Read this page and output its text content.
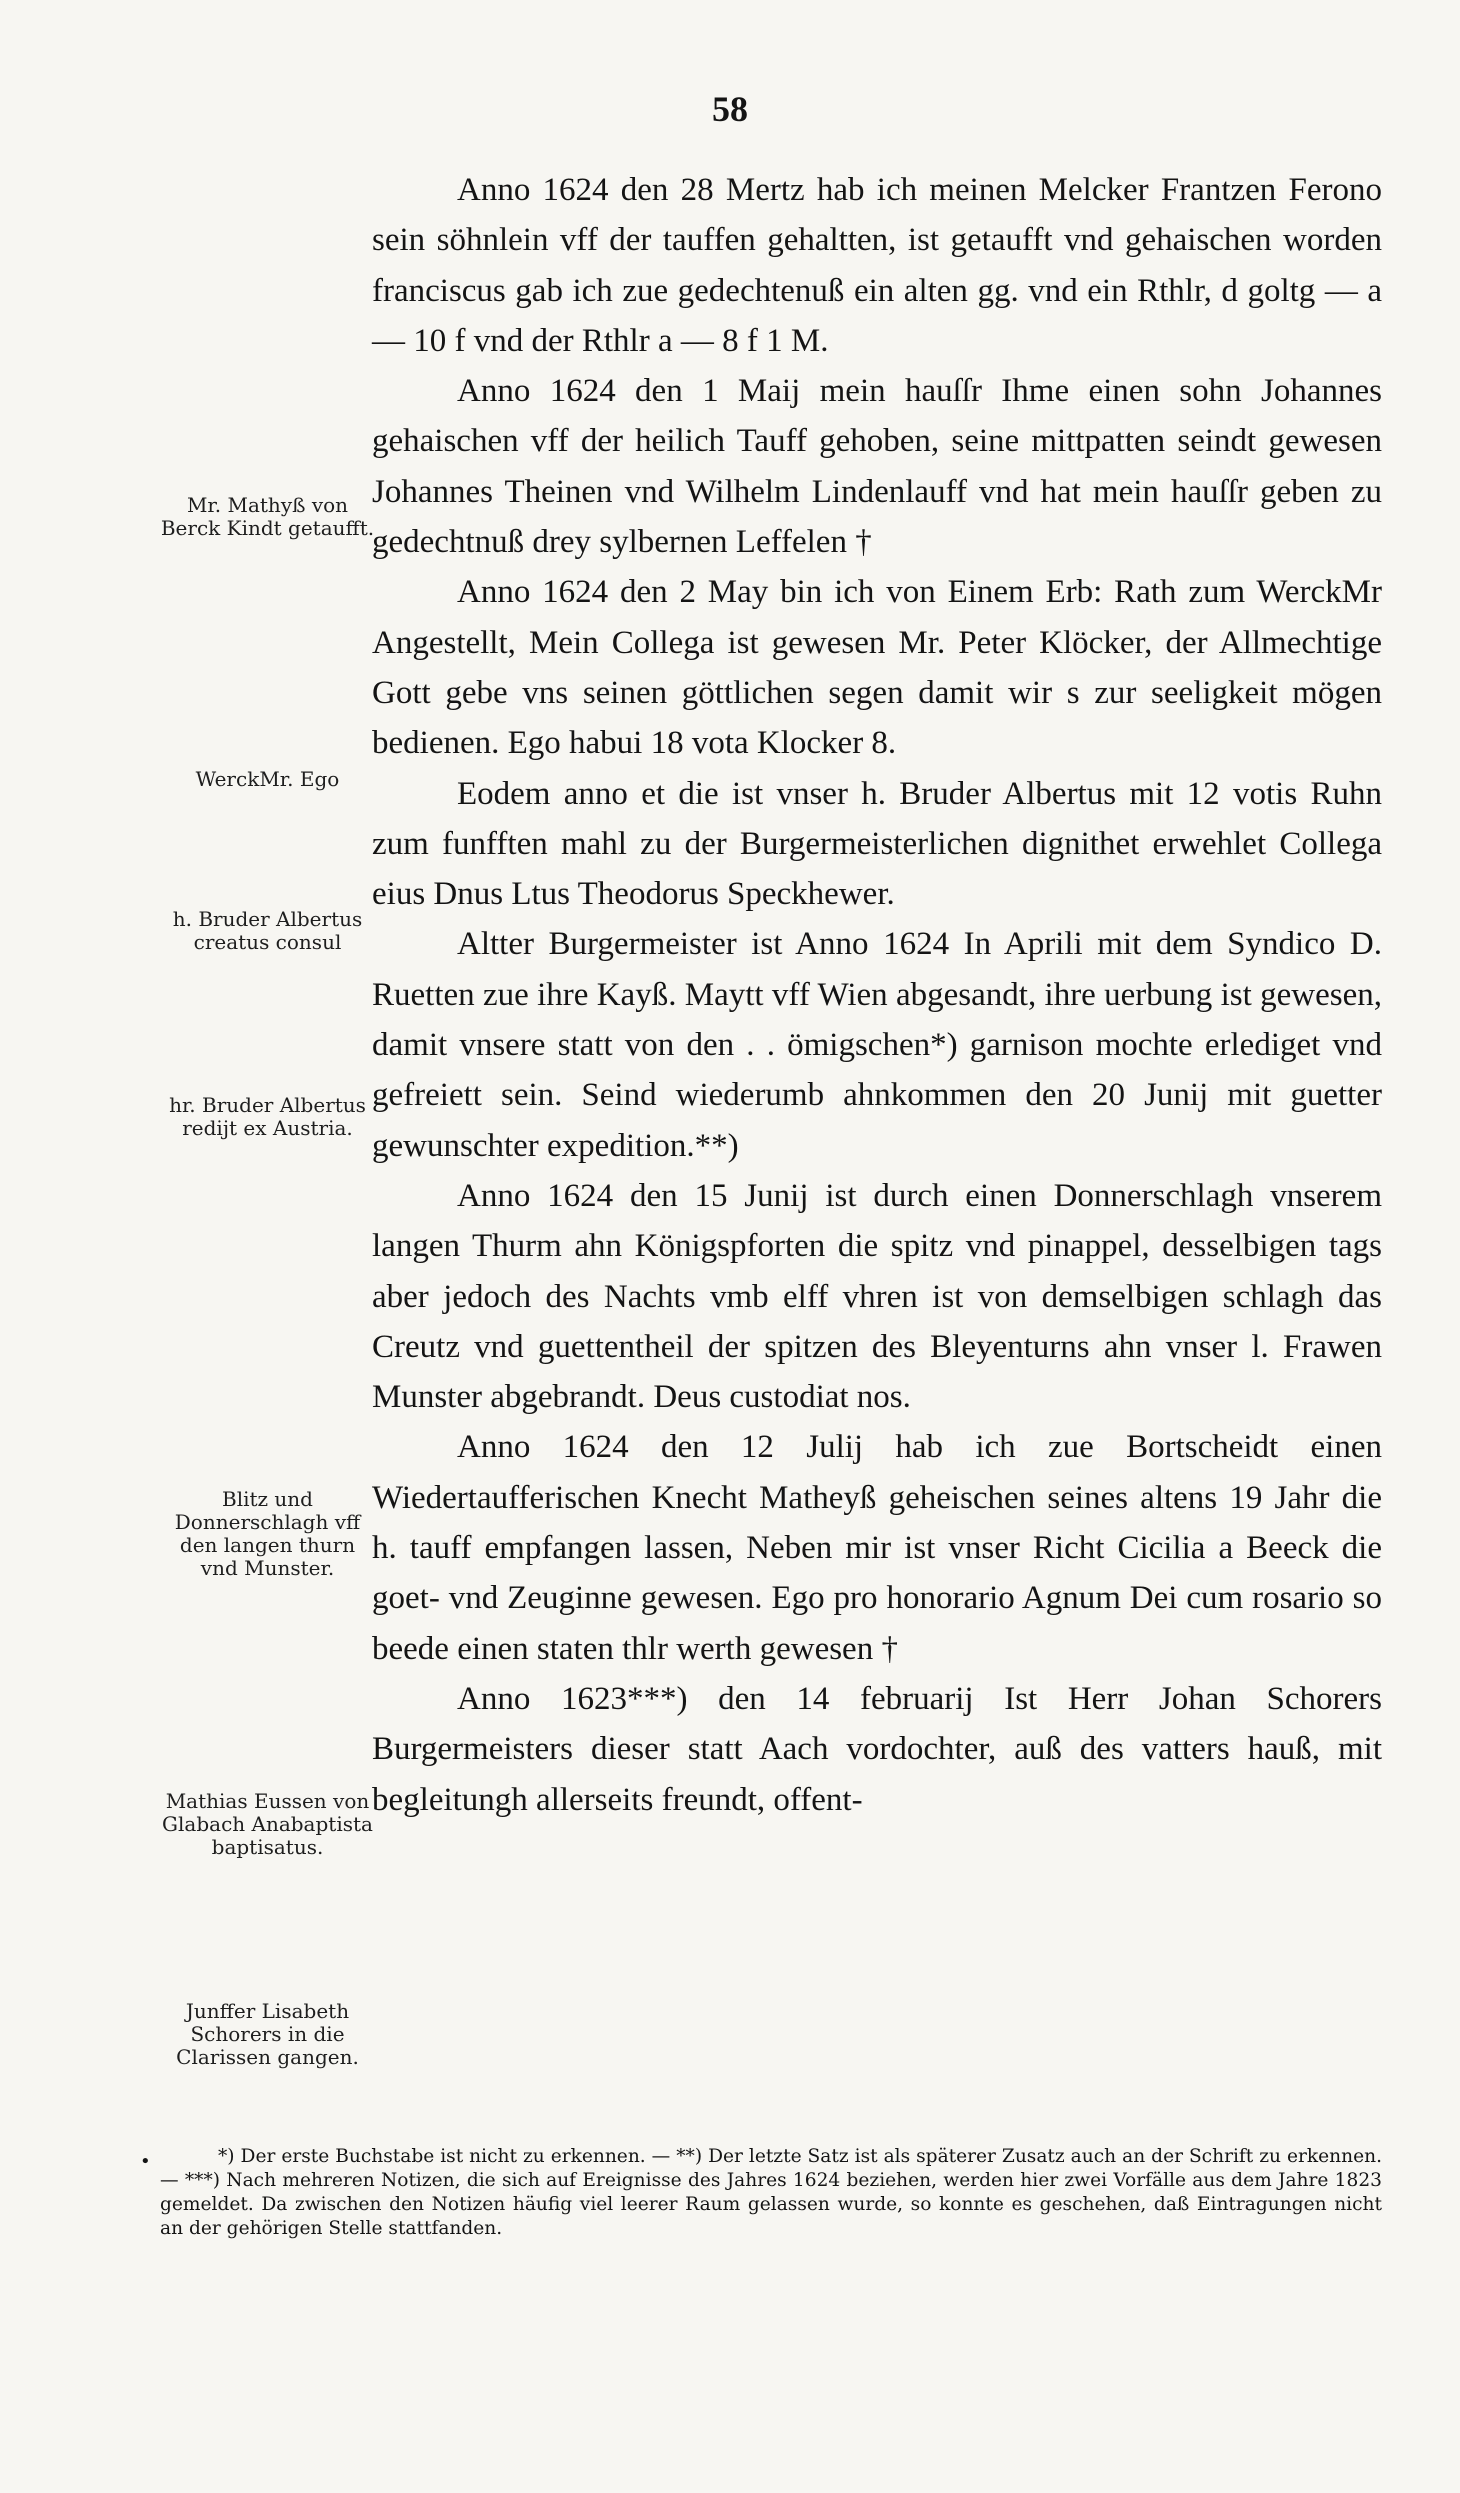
58

Anno 1624 den 28 Mertz hab ich meinen Melcker Frantzen Ferono sein söhnlein vff der tauffen gehaltten, ist getaufft vnd gehaischen worden franciscus gab ich zue gedechtenuß ein alten gg. vnd ein Rthlr, d goltg — a — 10 f vnd der Rthlr a — 8 f 1 M.

Anno 1624 den 1 Maij mein hauſſr Ihme einen sohn Johannes gehaischen vff der heilich Tauff gehoben, seine mittpatten seindt gewesen Johannes Theinen vnd Wilhelm Lindenlauff vnd hat mein hauſſr geben zu gedechtnuß drey sylbernen Leffelen †

Anno 1624 den 2 May bin ich von Einem Erb: Rath zum WerckMr Angestellt, Mein Collega ist gewesen Mr. Peter Klöcker, der Allmechtige Gott gebe vns seinen göttlichen segen damit wir s zur seeligkeit mögen bedienen. Ego habui 18 vota Klocker 8.

Eodem anno et die ist vnser h. Bruder Albertus mit 12 votis Ruhn zum funfften mahl zu der Burgermeisterlichen dignithet erwehlet Collega eius Dnus Ltus Theodorus Speckhewer.

Altter Burgermeister ist Anno 1624 In Aprili mit dem Syndico D. Ruetten zue ihre Kayß. Maytt vff Wien abgesandt, ihre uerbung ist gewesen, damit vnsere statt von den . . ömigschen*) garnison mochte erlediget vnd gefreiett sein. Seind wiederumb ahnkommen den 20 Junij mit guetter gewunschter expedition.**)

Anno 1624 den 15 Junij ist durch einen Donnerschlagh vnserem langen Thurm ahn Königspforten die spitz vnd pinappel, desselbigen tags aber jedoch des Nachts vmb elff vhren ist von demselbigen schlagh das Creutz vnd guettentheil der spitzen des Bleyenturns ahn vnser l. Frawen Munster abgebrandt. Deus custodiat nos.

Anno 1624 den 12 Julij hab ich zue Bortscheidt einen Wiedertaufferischen Knecht Matheyß geheischen seines altens 19 Jahr die h. tauff empfangen lassen, Neben mir ist vnser Richt Cicilia a Beeck die goet- vnd Zeuginne gewesen. Ego pro honorario Agnum Dei cum rosario so beede einen staten thlr werth gewesen †

Anno 1623***) den 14 februarij Ist Herr Johan Schorers Burgermeisters dieser statt Aach vordochter, auß des vatters hauß, mit begleitungh allerseits freundt, offent-

Mr. Mathyß von Berck Kindt getaufft.
WerckMr. Ego
h. Bruder Albertus creatus consul
hr. Bruder Albertus redijt ex Austria.
Blitz und Donnerschlagh vff den langen thurn vnd Munster.
Mathias Eussen von Glabach Anabaptista baptisatus.
Junffer Lisabeth Schorers in die Clarissen gangen.
•	*) Der erste Buchstabe ist nicht zu erkennen. — **) Der letzte Satz ist als späterer Zusatz auch an der Schrift zu erkennen. — ***) Nach mehreren Notizen, die sich auf Ereignisse des Jahres 1624 beziehen, werden hier zwei Vorfälle aus dem Jahre 1823 gemeldet. Da zwischen den Notizen häufig viel leerer Raum gelassen wurde, so konnte es geschehen, daß Eintragungen nicht an der gehörigen Stelle stattfanden.
